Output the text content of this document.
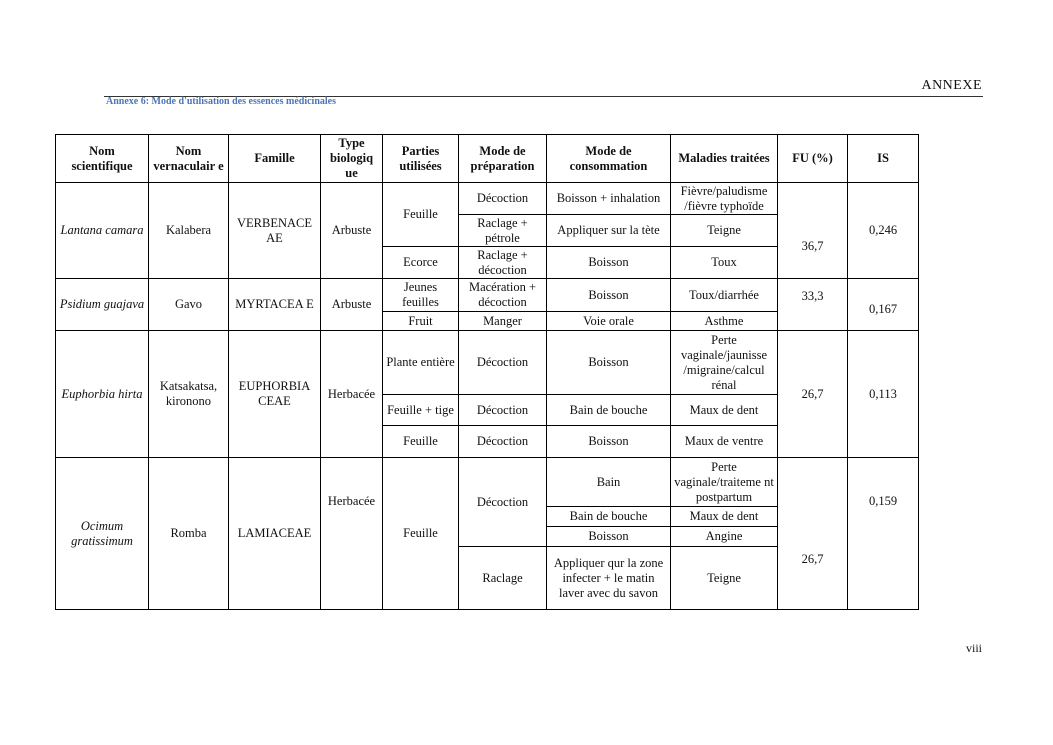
ANNEXE
Annexe 6: Mode d'utilisation des essences médicinales
Nom scientifique	Nom vernaculair e	Famille	Type biologiq ue	Parties utilisées	Mode de préparation	Mode de consommation	Maladies traitées	FU (%)	IS
Lantana camara	Kalabera	VERBENACE AE	Arbuste	Feuille	Décoction	Boisson + inhalation	Fièvre/paludisme /fièvre typhoïde	36,7	0,246
					Raclage + pétrole	Appliquer sur la tète	Teigne		
				Ecorce	Raclage + décoction	Boisson	Toux		
Psidium guajava	Gavo	MYRTACEA E	Arbuste	Jeunes feuilles	Macération + décoction	Boisson	Toux/diarrhée	33,3	0,167
				Fruit	Manger	Voie orale	Asthme		
Euphorbia hirta	Katsakatsa, kironono	EUPHORBIA CEAE	Herbacée	Plante entière	Décoction	Boisson	Perte vaginale/jaunisse /migraine/calcul rénal	26,7	0,113
				Feuille + tige	Décoction	Bain de bouche	Maux de dent		
				Feuille	Décoction	Boisson	Maux de ventre		
Ocimum gratissimum	Romba	LAMIACEAE	Herbacée	Feuille	Décoction	Bain	Perte vaginale/traiteme nt postpartum	26,7	0,159
						Bain de bouche	Maux de dent		
						Boisson	Angine		
					Raclage	Appliquer qur la zone infecter + le matin laver avec du savon	Teigne		
viii
